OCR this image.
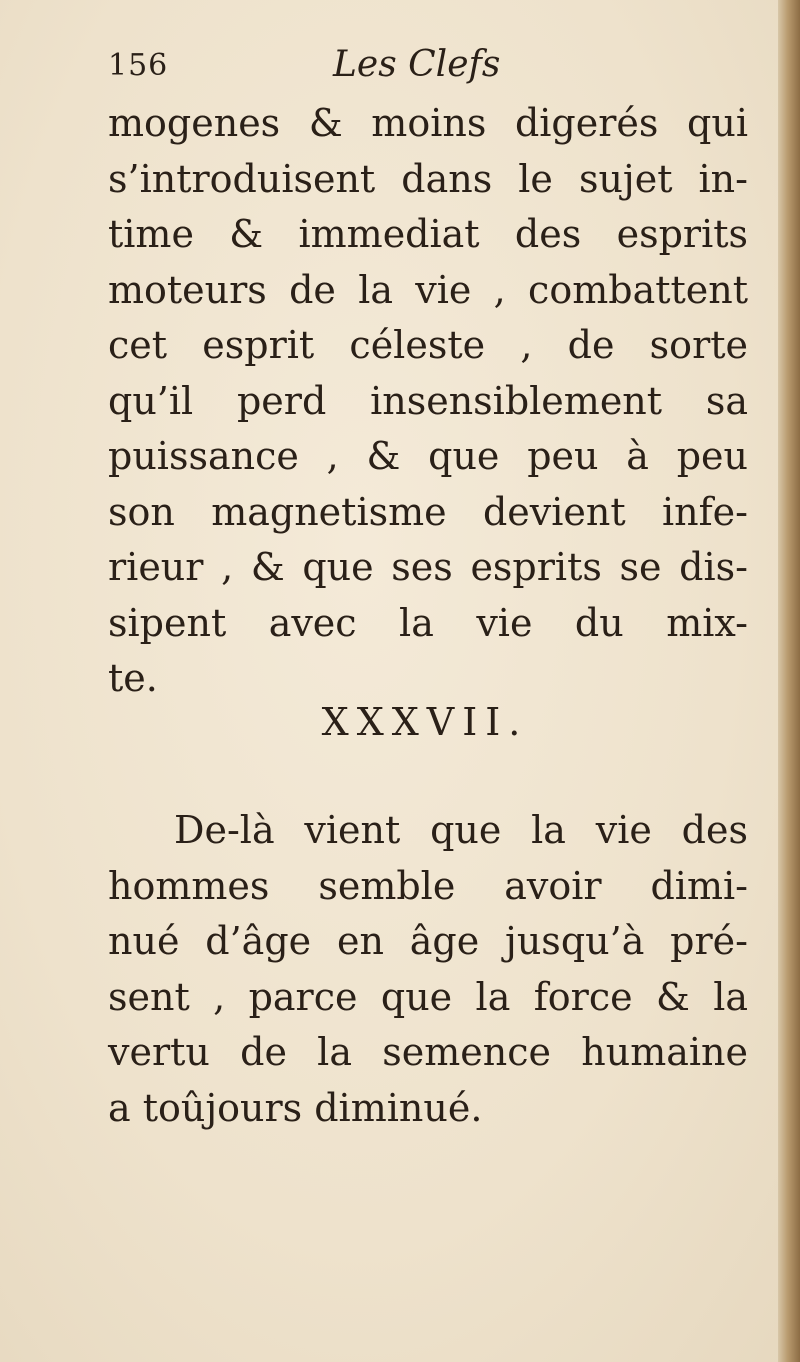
156	Les Clefs
mogenes & moins digerés qui
s’introduisent dans le sujet in-
time & immediat des esprits
moteurs de la vie , combattent
cet esprit céleste , de sorte
qu’il perd insensiblement sa
puissance , & que peu à peu
son magnetisme devient infe-
rieur , & que ses esprits se dis-
sipent avec la vie du mix-
te.
XXXVII.
De-là vient que la vie des
hommes semble avoir dimi-
nué d’âge en âge jusqu’à pré-
sent , parce que la force & la
vertu de la semence humaine
a toûjours diminué.
